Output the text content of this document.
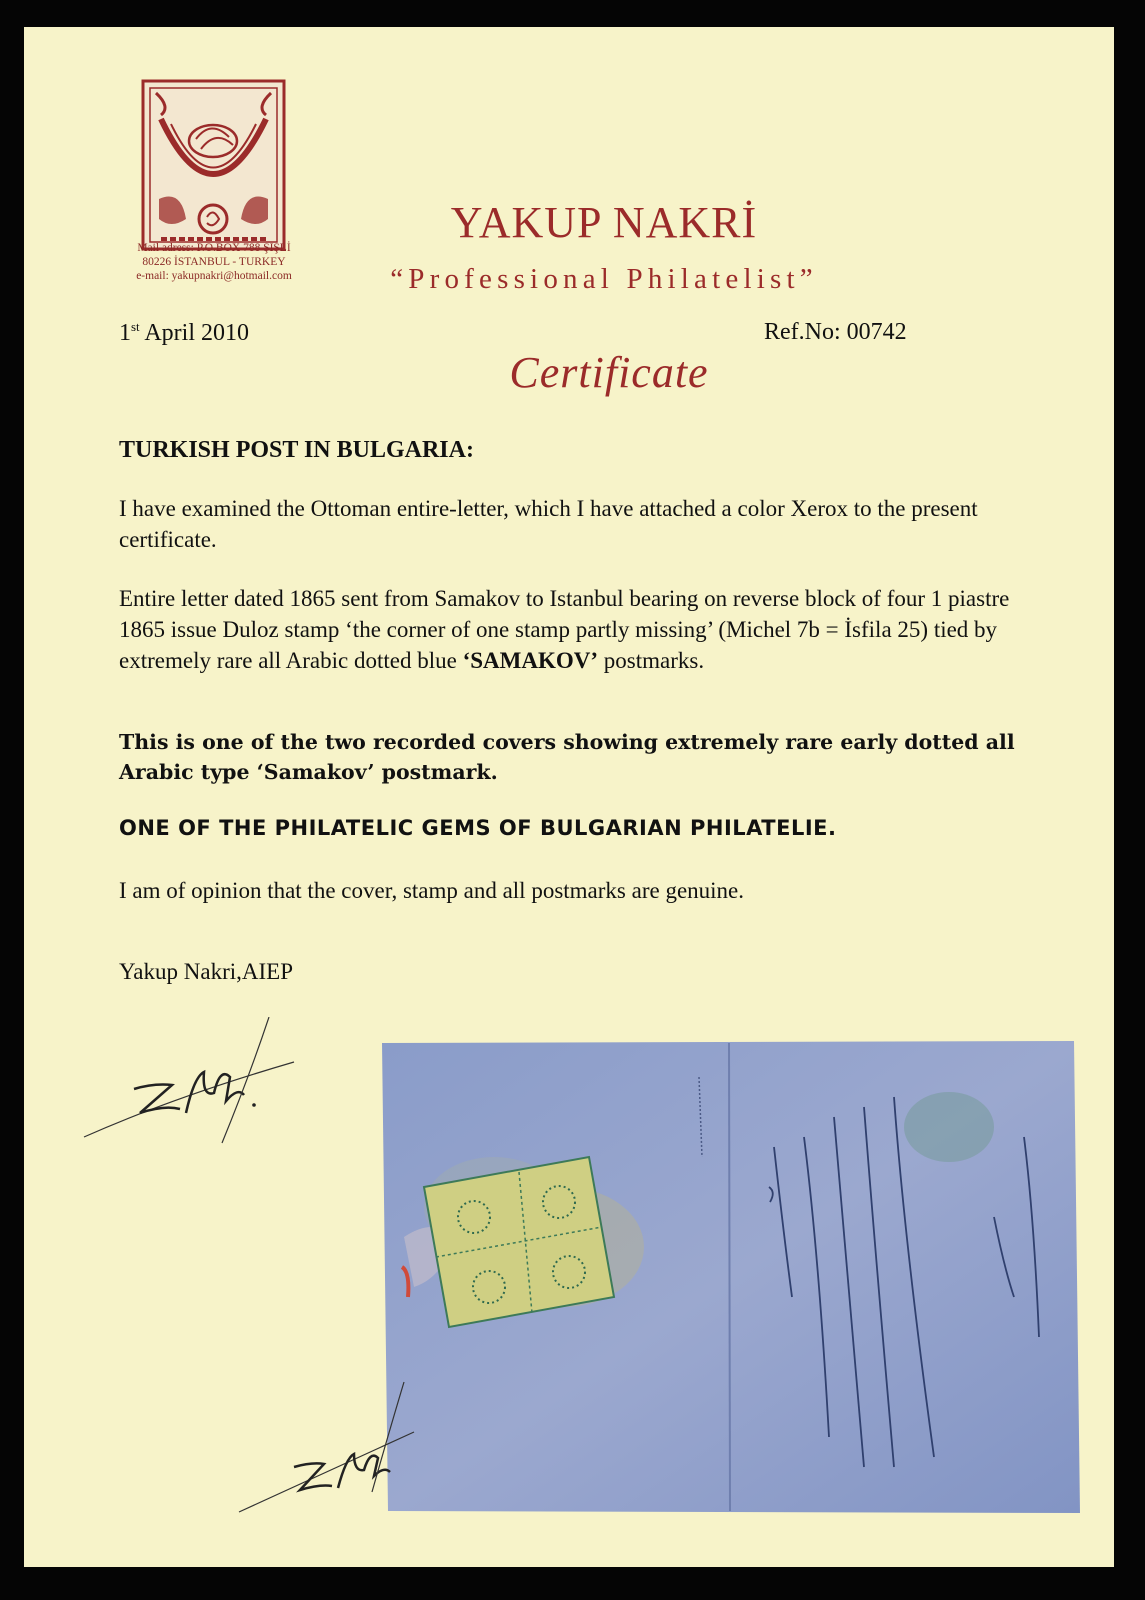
Mail adress: P.O.BOX 788 ŞIŞLİ
80226 İSTANBUL - TURKEY
e-mail: yakupnakri@hotmail.com
YAKUP NAKRİ
“Professional Philatelist”
1st April 2010	Ref.No: 00742
Certificate
TURKISH POST IN BULGARIA:
I have examined the Ottoman entire-letter, which I have attached a color Xerox to the present certificate.
Entire letter dated 1865 sent from Samakov to Istanbul bearing on reverse block of four 1 piastre 1865 issue Duloz stamp ‘the corner of one stamp partly missing’ (Michel 7b = İsfila 25) tied by extremely rare all Arabic dotted blue ‘SAMAKOV’ postmarks.
This is one of the two recorded covers showing extremely rare early dotted all Arabic type ‘Samakov’ postmark.
ONE OF THE PHILATELIC GEMS OF BULGARIAN PHILATELIE.
I am of opinion that the cover, stamp and all postmarks are genuine.
Yakup Nakri,AIEP
